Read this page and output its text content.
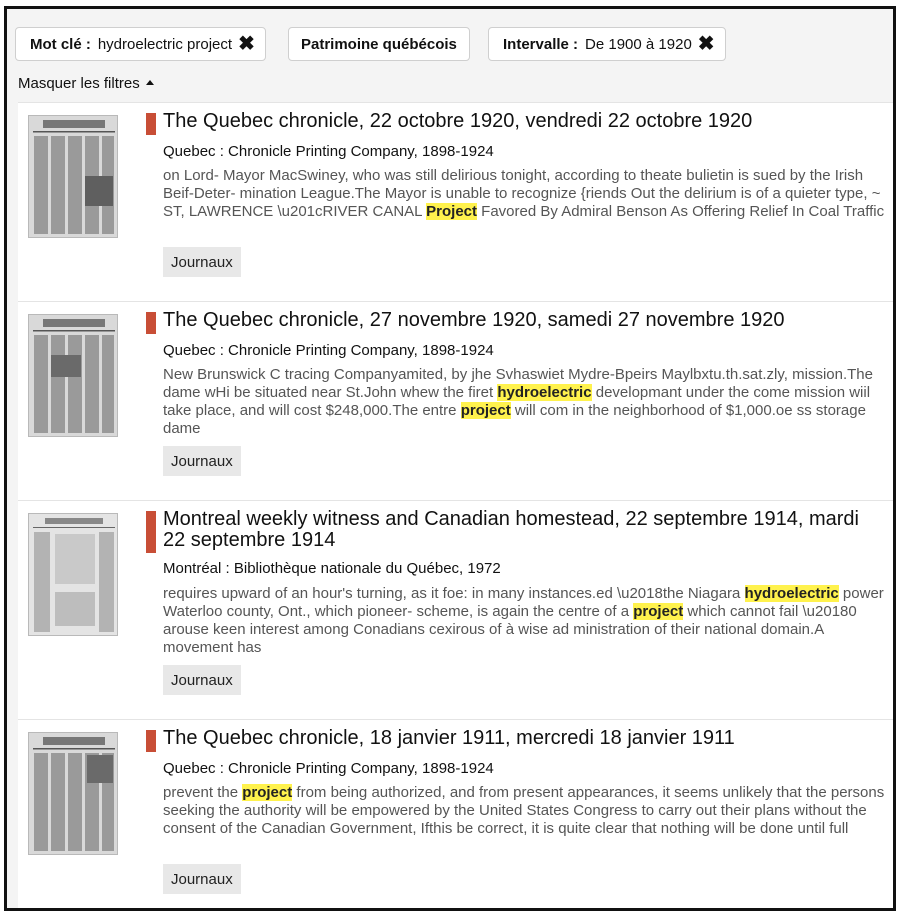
Mot clé : hydroelectric project ✖	Patrimoine québécois	Intervalle : De 1900 à 1920 ✖
Masquer les filtres
The Quebec chronicle, 22 octobre 1920, vendredi 22 octobre 1920
Quebec : Chronicle Printing Company, 1898-1924
on Lord- Mayor MacSwiney, who was still delirious tonight, according to theate bulietin is sued by the Irish Beif-Deter- mination League.The Mayor is unable to recognize {riends Out the delirium is of a quieter type, ~ ST, LAWRENCE \u201cRIVER CANAL Project Favored By Admiral Benson As Offering Relief In Coal Traffic
Journaux
The Quebec chronicle, 27 novembre 1920, samedi 27 novembre 1920
Quebec : Chronicle Printing Company, 1898-1924
New Brunswick C tracing Companyamited, by jhe Svhaswiet Mydre-Bpeirs Maylbxtu.th.sat.zly, mission.The dame wHi be situated near St.John whew the firet hydroelectric developmant under the come mission wiil take place, and will cost $248,000.The entre project will com in the neighborhood of $1,000.oe ss storage dame
Journaux
Montreal weekly witness and Canadian homestead, 22 septembre 1914, mardi 22 septembre 1914
Montréal : Bibliothèque nationale du Québec, 1972
requires upward of an hour's turning, as it foe: in many instances.ed \u2018the Niagara hydroelectric power Waterloo county, Ont., which pioneer- scheme, is again the centre of a project which cannot fail \u20180 arouse keen interest among Conadians cexirous of à wise ad ministration of their national domain.A movement has
Journaux
The Quebec chronicle, 18 janvier 1911, mercredi 18 janvier 1911
Quebec : Chronicle Printing Company, 1898-1924
prevent the project from being authorized, and from present appearances, it seems unlikely that the persons seeking the authority will be empowered by the United States Congress to carry out their plans without the consent of the Canadian Government, Ifthis be correct, it is quite clear that nothing will be done until full
Journaux
